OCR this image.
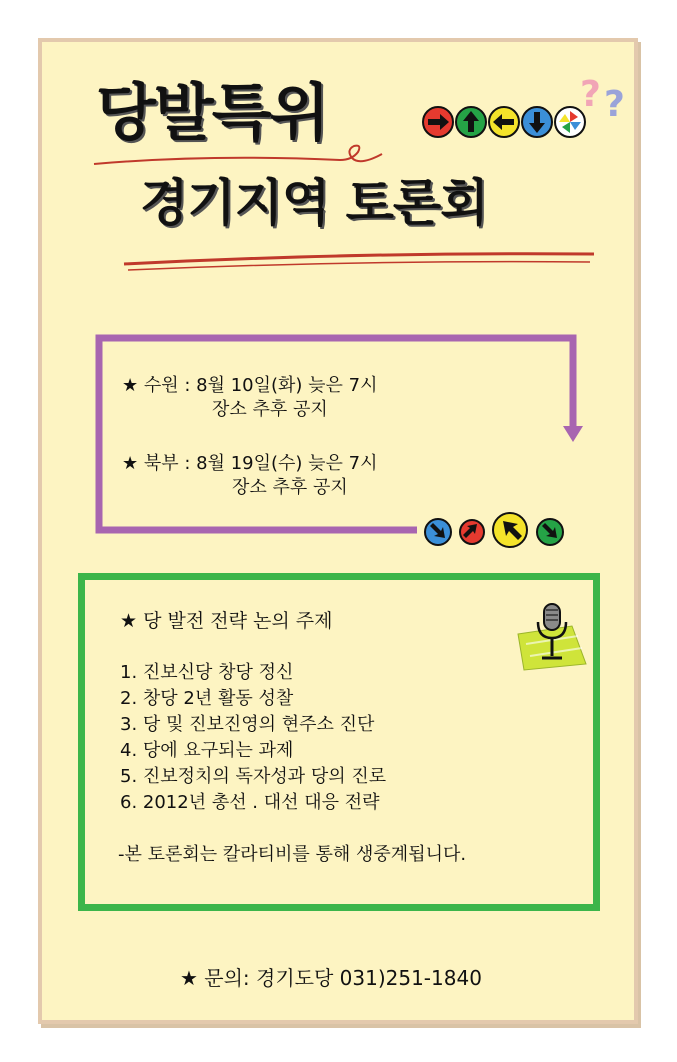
당발특위
경기지역 토론회
? ?
★ 수원 : 8월 10일(화) 늦은 7시
장소 추후 공지
★ 북부 : 8월 19일(수) 늦은 7시
장소 추후 공지
★ 당 발전 전략 논의 주제
1. 진보신당 창당 정신
2. 창당 2년 활동 성찰
3. 당 및 진보진영의 현주소 진단
4. 당에 요구되는 과제
5. 진보정치의 독자성과 당의 진로
6. 2012년 총선 . 대선 대응 전략
-본 토론회는 칼라티비를 통해 생중계됩니다.
★ 문의: 경기도당 031)251-1840
